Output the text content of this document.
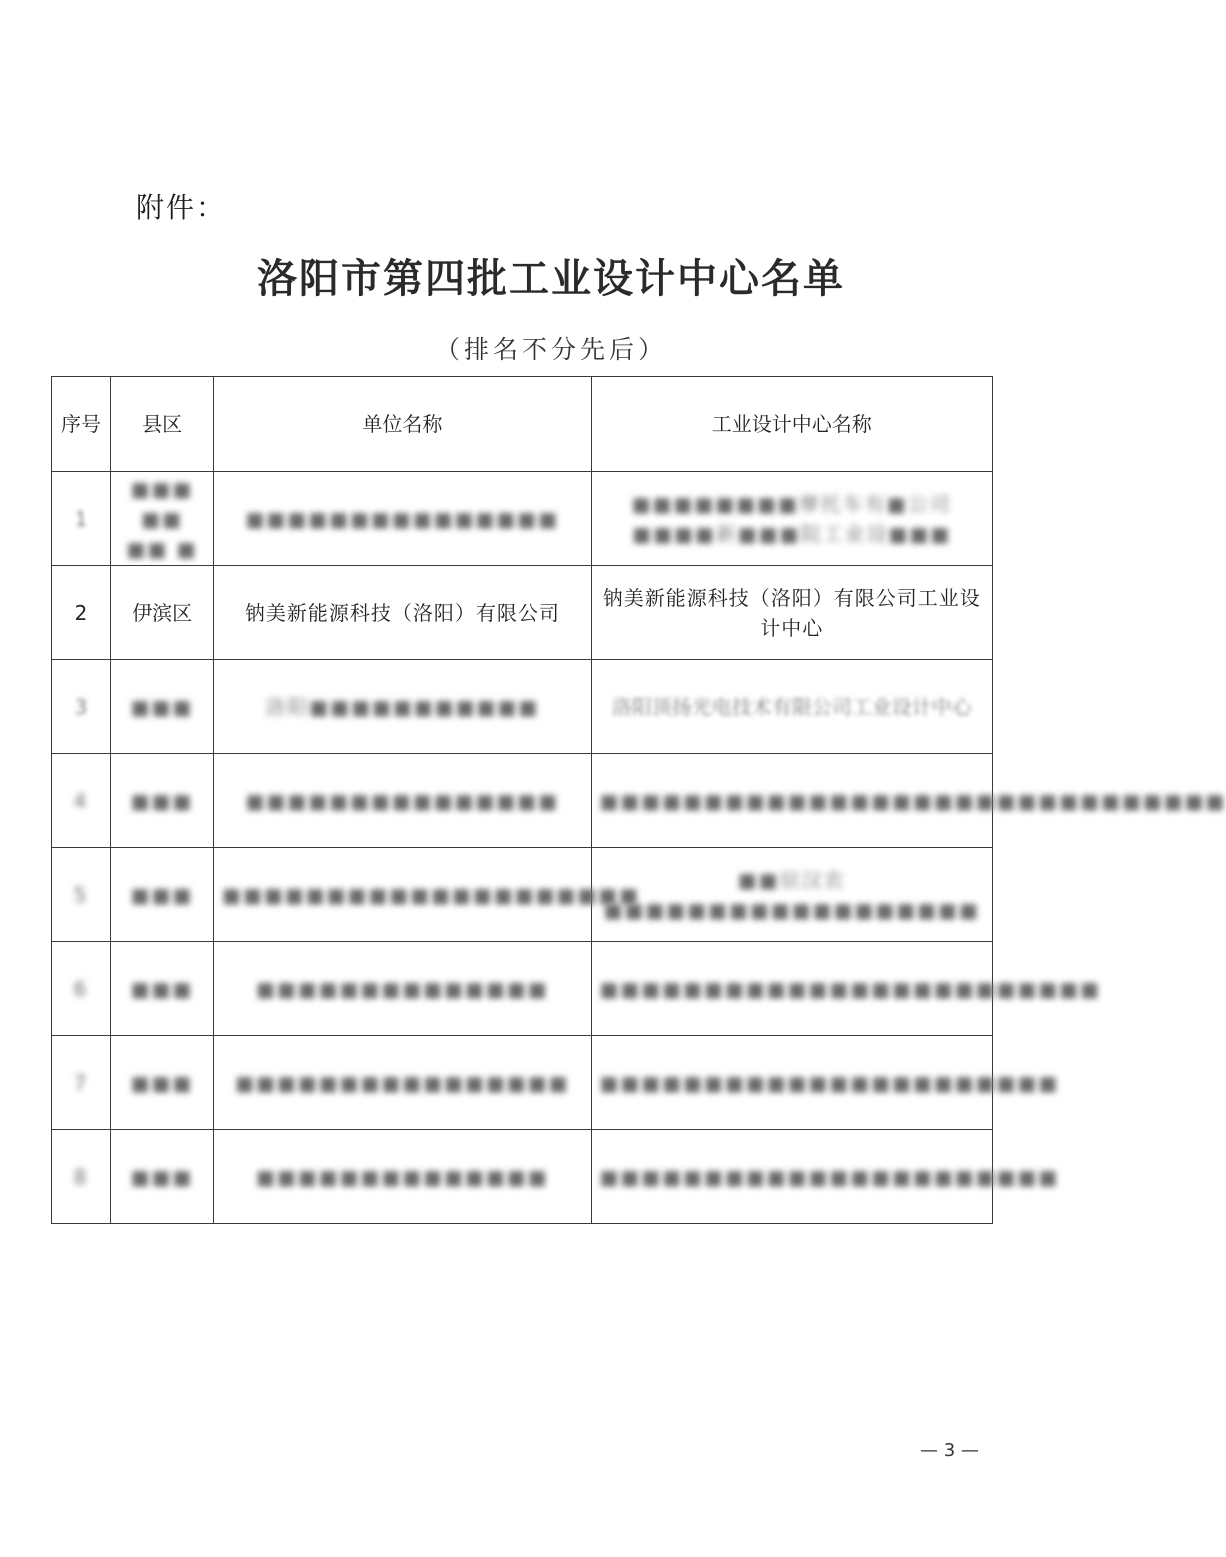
附件：
洛阳市第四批工业设计中心名单
（排名不分先后）
序号	县区	单位名称	工业设计中心名称
1	■■■ ■■ ■■ ■	■■■■■■■■■■■■■■■	■■■■■■■■摩托车有■公司■■■■新■■■院工业设■■■
2	伊滨区	钠美新能源科技（洛阳）有限公司	钠美新能源科技（洛阳）有限公司工业设计中心
3	■■■	洛阳■■■■■■■■■■■	洛阳顶扬光电技术有限公司工业设计中心
4	■■■	■■■■■■■■■■■■■■■	■■■■■■■■■■■■■■■■■■■■■■■■■■■■■■
5	■■■	■■■■■■■■■■■■■■■■■■■■	■■辰汉农■■■■■■■■■■■■■■■■■■
6	■■■	■■■■■■■■■■■■■■	■■■■■■■■■■■■■■■■■■■■■■■■
7	■■■	■■■■■■■■■■■■■■■■	■■■■■■■■■■■■■■■■■■■■■■
8	■■■	■■■■■■■■■■■■■■	■■■■■■■■■■■■■■■■■■■■■■
— 3 —
